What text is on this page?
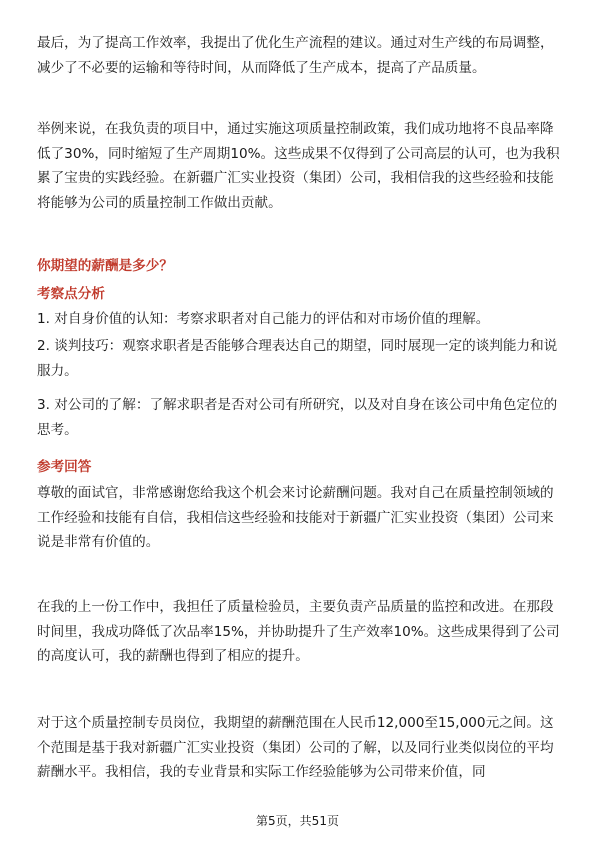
最后，为了提高工作效率，我提出了优化生产流程的建议。通过对生产线的布局调整，减少了不必要的运输和等待时间，从而降低了生产成本，提高了产品质量。

举例来说，在我负责的项目中，通过实施这项质量控制政策，我们成功地将不良品率降低了30%，同时缩短了生产周期10%。这些成果不仅得到了公司高层的认可，也为我积累了宝贵的实践经验。在新疆广汇实业投资（集团）公司，我相信我的这些经验和技能将能够为公司的质量控制工作做出贡献。

你期望的薪酬是多少？
考察点分析

1. 对自身价值的认知：考察求职者对自己能力的评估和对市场价值的理解。

2. 谈判技巧：观察求职者是否能够合理表达自己的期望，同时展现一定的谈判能力和说服力。

3. 对公司的了解：了解求职者是否对公司有所研究，以及对自身在该公司中角色定位的思考。

参考回答

尊敬的面试官，非常感谢您给我这个机会来讨论薪酬问题。我对自己在质量控制领域的工作经验和技能有自信，我相信这些经验和技能对于新疆广汇实业投资（集团）公司来说是非常有价值的。

在我的上一份工作中，我担任了质量检验员，主要负责产品质量的监控和改进。在那段时间里，我成功降低了次品率15%，并协助提升了生产效率10%。这些成果得到了公司的高度认可，我的薪酬也得到了相应的提升。

对于这个质量控制专员岗位，我期望的薪酬范围在人民币12,000至15,000元之间。这个范围是基于我对新疆广汇实业投资（集团）公司的了解，以及同行业类似岗位的平均薪酬水平。我相信，我的专业背景和实际工作经验能够为公司带来价值，同

第5页，共51页
